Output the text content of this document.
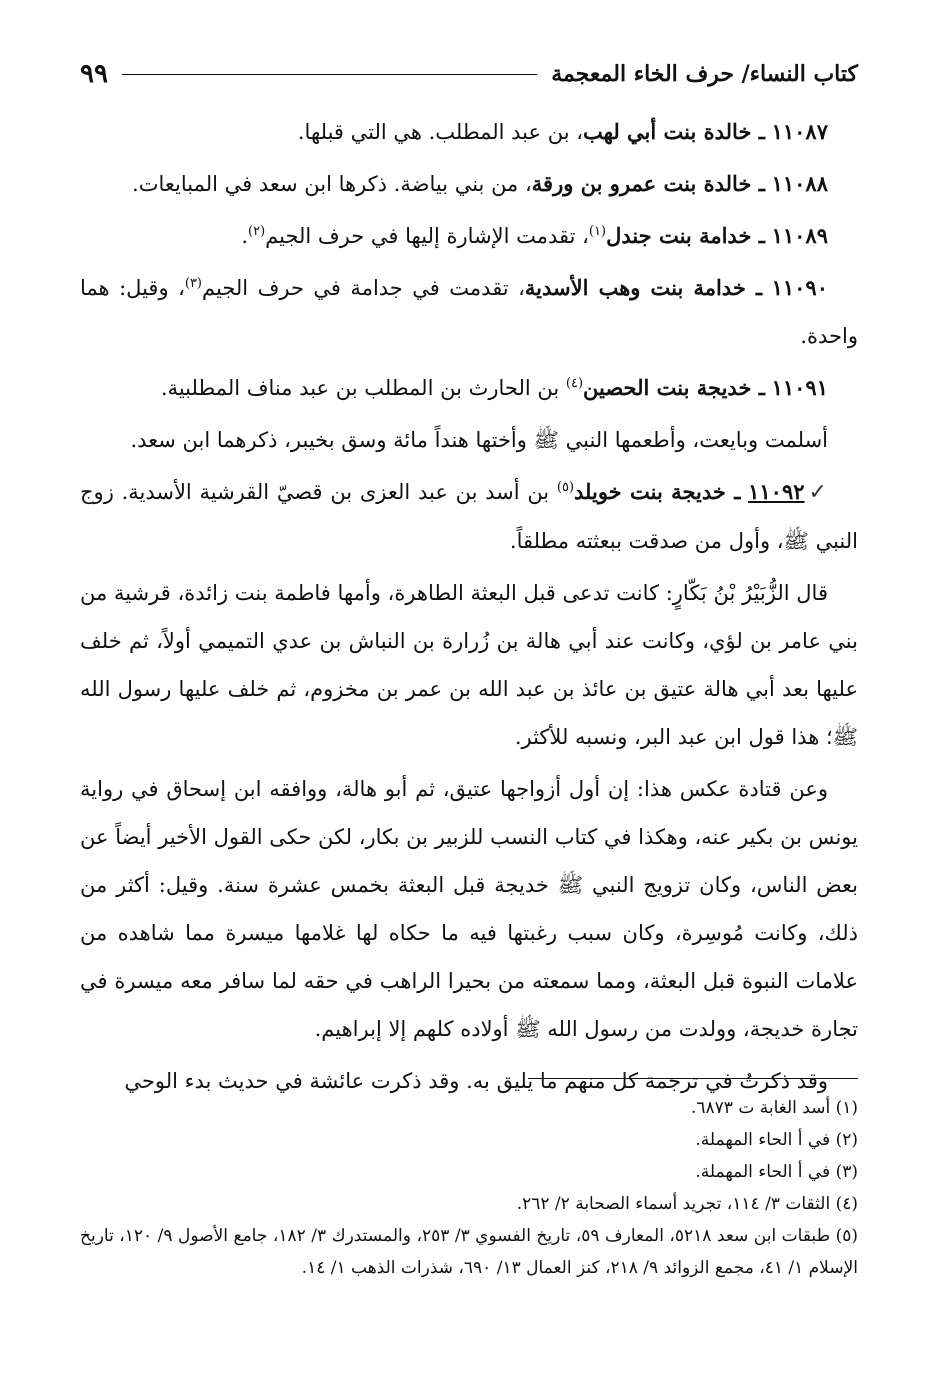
كتاب النساء/ حرف الخاء المعجمة
٩٩

١١٠٨٧ ـ خالدة بنت أبي لهب، بن عبد المطلب. هي التي قبلها.

١١٠٨٨ ـ خالدة بنت عمرو بن ورقة، من بني بياضة. ذكرها ابن سعد في المبايعات.

١١٠٨٩ ـ خدامة بنت جندل$^{(١)}$، تقدمت الإشارة إليها في حرف الجيم$^{(٢)}$.

١١٠٩٠ ـ خدامة بنت وهب الأسدية، تقدمت في جدامة في حرف الجيم$^{(٣)}$، وقيل: هما واحدة.

١١٠٩١ ـ خديجة بنت الحصين$^{(٤)}$ بن الحارث بن المطلب بن عبد مناف المطلبية.

أسلمت وبايعت، وأطعمها النبي ﷺ وأختها هنداً مائة وسق بخيبر، ذكرهما ابن سعد.

✓١١٠٩٢ ـ خديجة بنت خويلد$^{(٥)}$ بن أسد بن عبد العزى بن قصيّ القرشية الأسدية. زوج النبي ﷺ، وأول من صدقت ببعثته مطلقاً.

قال الزُّبَيْرُ بْنُ بَكّارٍ: كانت تدعى قبل البعثة الطاهرة، وأمها فاطمة بنت زائدة، قرشية من بني عامر بن لؤي، وكانت عند أبي هالة بن زُرارة بن النباش بن عدي التميمي أولاً، ثم خلف عليها بعد أبي هالة عتيق بن عائذ بن عبد الله بن عمر بن مخزوم، ثم خلف عليها رسول الله ﷺ؛ هذا قول ابن عبد البر، ونسبه للأكثر.

وعن قتادة عكس هذا: إن أول أزواجها عتيق، ثم أبو هالة، ووافقه ابن إسحاق في رواية يونس بن بكير عنه، وهكذا في كتاب النسب للزبير بن بكار، لكن حكى القول الأخير أيضاً عن بعض الناس، وكان تزويج النبي ﷺ خديجة قبل البعثة بخمس عشرة سنة. وقيل: أكثر من ذلك، وكانت مُوسِرة، وكان سبب رغبتها فيه ما حكاه لها غلامها ميسرة مما شاهده من علامات النبوة قبل البعثة، ومما سمعته من بحيرا الراهب في حقه لما سافر معه ميسرة في تجارة خديجة، وولدت من رسول الله ﷺ أولاده كلهم إلا إبراهيم.

وقد ذكرتُ في ترجمة كل منهم ما يليق به. وقد ذكرت عائشة في حديث بدء الوحي

(١) أسد الغابة ت ٦٨٧٣.

(٢) في أ الحاء المهملة.

(٣) في أ الحاء المهملة.

(٤) الثقات ٣/ ١١٤، تجريد أسماء الصحابة ٢/ ٢٦٢.

(٥) طبقات ابن سعد ٥٢١٨، المعارف ٥٩، تاريخ الفسوي ٣/ ٢٥٣، والمستدرك ٣/ ١٨٢، جامع الأصول ٩/ ١٢٠، تاريخ الإسلام ١/ ٤١، مجمع الزوائد ٩/ ٢١٨، كنز العمال ١٣/ ٦٩٠، شذرات الذهب ١/ ١٤.
